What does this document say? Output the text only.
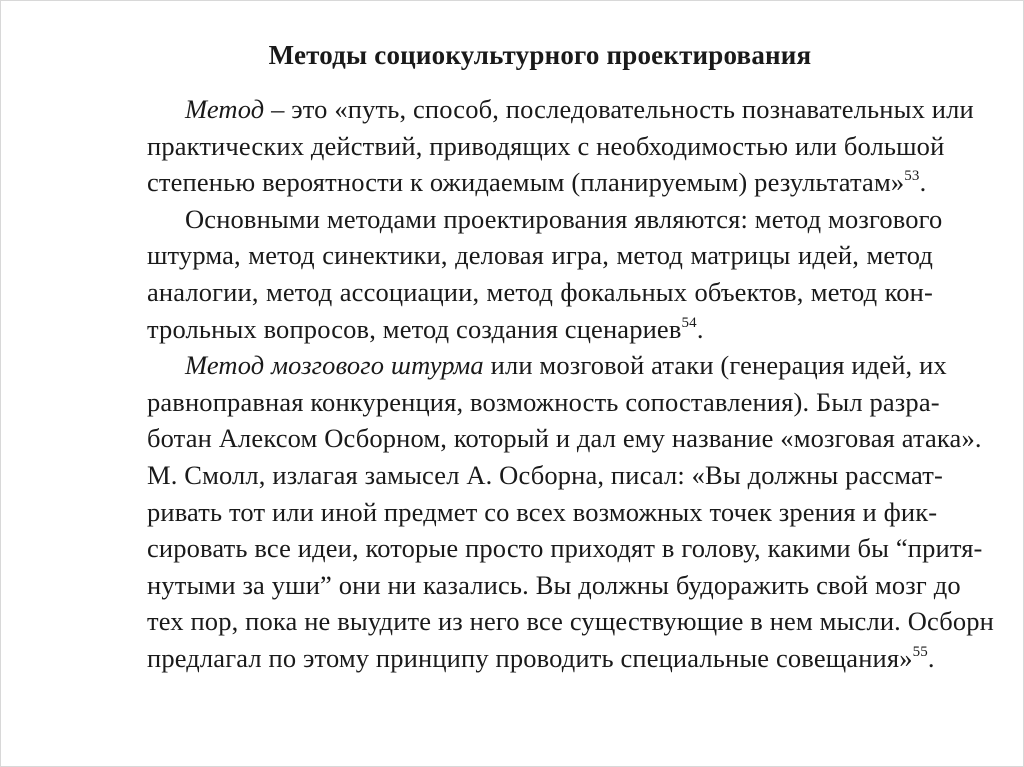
Методы социокультурного проектирования
Метод – это «путь, способ, последовательность познавательных или
практических действий, приводящих с необходимостью или большой
степенью вероятности к ожидаемым (планируемым) результатам»$^{53}$.
Основными методами проектирования являются: метод мозгового
штурма, метод синектики, деловая игра, метод матрицы идей, метод
аналогии, метод ассоциации, метод фокальных объектов, метод кон-
трольных вопросов, метод создания сценариев$^{54}$.
Метод мозгового штурма или мозговой атаки (генерация идей, их
равноправная конкуренция, возможность сопоставления). Был разра-
ботан Алексом Осборном, который и дал ему название «мозговая атака».
М. Смолл, излагая замысел А. Осборна, писал: «Вы должны рассмат-
ривать тот или иной предмет со всех возможных точек зрения и фик-
сировать все идеи, которые просто приходят в голову, какими бы “притя-
нутыми за уши” они ни казались. Вы должны будоражить свой мозг до
тех пор, пока не выудите из него все существующие в нем мысли. Осборн
предлагал по этому принципу проводить специальные совещания»$^{55}$.
